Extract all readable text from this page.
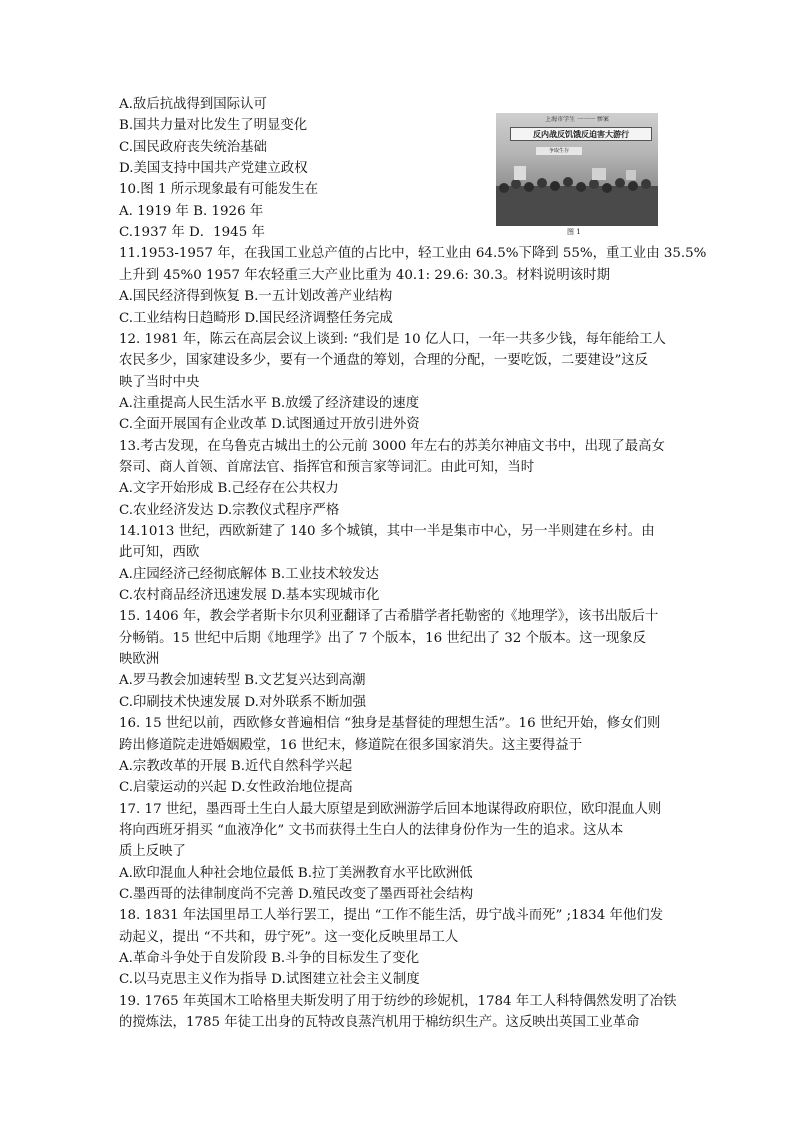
上海市学生 一一一 惨案
反内战反饥饿反迫害大游行
争取生存
图 1
A.敌后抗战得到国际认可
B.国共力量对比发生了明显变化
C.国民政府丧失统治基础
D.美国支持中国共产党建立政权
10.图 1 所示现象最有可能发生在
A. 1919 年 B. 1926 年
C.1937 年 D．1945 年
11.1953-1957 年，在我国工业总产值的占比中，轻工业由 64.5%下降到 55%，重工业由 35.5%
上升到 45%0 1957 年农轻重三大产业比重为 40.1: 29.6: 30.3。材料说明该时期
A.国民经济得到恢复 B.一五计划改善产业结构
C.工业结构日趋畸形 D.国民经济调整任务完成
12. 1981 年，陈云在高层会议上谈到: “我们是 10 亿人口，一年一共多少钱，每年能给工人
农民多少，国家建设多少，要有一个通盘的筹划，合理的分配，一要吃饭，二要建设”这反
映了当时中央
A.注重提高人民生活水平 B.放缓了经济建设的速度
C.全面开展国有企业改革 D.试图通过开放引进外资
13.考古发现，在乌鲁克古城出土的公元前 3000 年左右的苏美尔神庙文书中，出现了最高女
祭司、商人首领、首席法官、指挥官和预言家等词汇。由此可知，当时
A.文字开始形成 B.己经存在公共权力
C.农业经济发达 D.宗教仪式程序严格
14.1013 世纪，西欧新建了 140 多个城镇，其中一半是集市中心，另一半则建在乡村。由
此可知，西欧
A.庄园经济己经彻底解体 B.工业技术较发达
C.农村商品经济迅速发展 D.基本实现城市化
15. 1406 年，教会学者斯卡尔贝利亚翻译了古希腊学者托勒密的《地理学》，该书出版后十
分畅销。15 世纪中后期《地理学》出了 7 个版本，16 世纪出了 32 个版本。这一现象反
映欧洲
A.罗马教会加速转型 B.文艺复兴达到高潮
C.印刷技术快速发展 D.对外联系不断加强
16. 15 世纪以前，西欧修女普遍相信 “独身是基督徒的理想生活”。16 世纪开始，修女们则
跨出修道院走进婚姻殿堂，16 世纪末，修道院在很多国家消失。这主要得益于
A.宗教改革的开展 B.近代自然科学兴起
C.启蒙运动的兴起 D.女性政治地位提高
17. 17 世纪，墨西哥土生白人最大原望是到欧洲游学后回本地谋得政府职位，欧印混血人则
将向西班牙捐买 “血液净化” 文书而获得土生白人的法律身份作为一生的追求。这从本
质上反映了
A.欧印混血人种社会地位最低 B.拉丁美洲教育水平比欧洲低
C.墨西哥的法律制度尚不完善 D.殖民改变了墨西哥社会结构
18. 1831 年法国里昂工人举行罢工，提出 “工作不能生活，毋宁战斗而死” ;1834 年他们发
动起义，提出 “不共和，毋宁死”。这一变化反映里昂工人
A.革命斗争处于自发阶段 B.斗争的目标发生了变化
C.以马克思主义作为指导 D.试图建立社会主义制度
19. 1765 年英国木工哈格里夫斯发明了用于纺纱的珍妮机，1784 年工人科特偶然发明了冶铁
的搅炼法，1785 年徒工出身的瓦特改良蒸汽机用于棉纺织生产。这反映出英国工业革命
